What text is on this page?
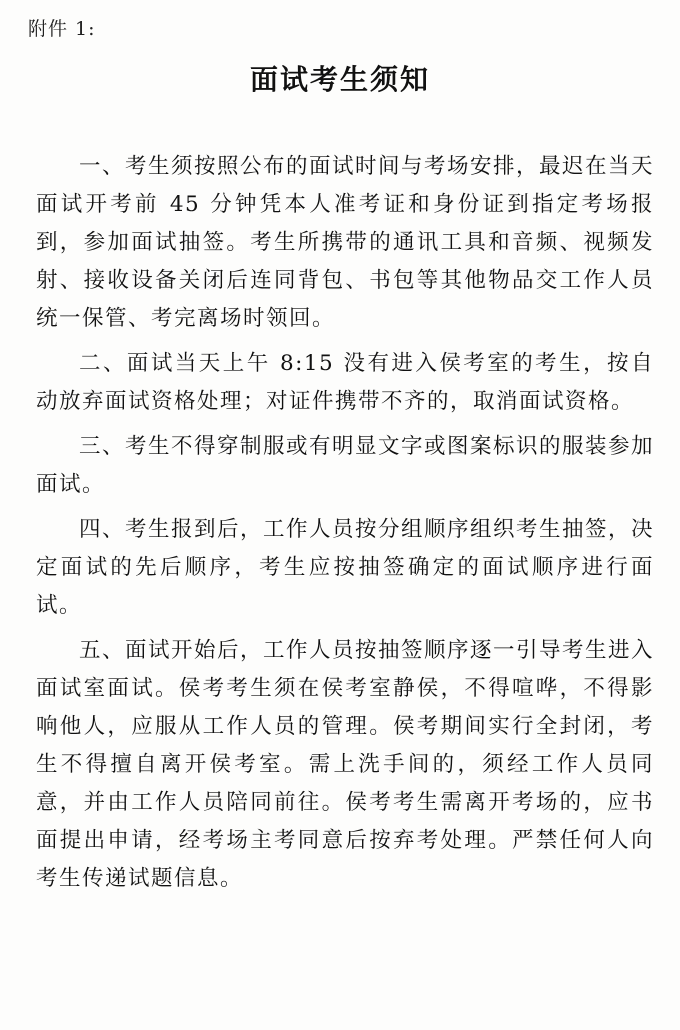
附件 1:
面试考生须知

一、考生须按照公布的面试时间与考场安排，最迟在当天面试开考前 45 分钟凭本人准考证和身份证到指定考场报到，参加面试抽签。考生所携带的通讯工具和音频、视频发射、接收设备关闭后连同背包、书包等其他物品交工作人员统一保管、考完离场时领回。

二、面试当天上午 8:15 没有进入侯考室的考生，按自动放弃面试资格处理；对证件携带不齐的，取消面试资格。

三、考生不得穿制服或有明显文字或图案标识的服装参加面试。

四、考生报到后，工作人员按分组顺序组织考生抽签，决定面试的先后顺序，考生应按抽签确定的面试顺序进行面试。

五、面试开始后，工作人员按抽签顺序逐一引导考生进入面试室面试。侯考考生须在侯考室静侯，不得喧哗，不得影响他人，应服从工作人员的管理。侯考期间实行全封闭，考生不得擅自离开侯考室。需上洗手间的，须经工作人员同意，并由工作人员陪同前往。侯考考生需离开考场的，应书面提出申请，经考场主考同意后按弃考处理。严禁任何人向考生传递试题信息。
